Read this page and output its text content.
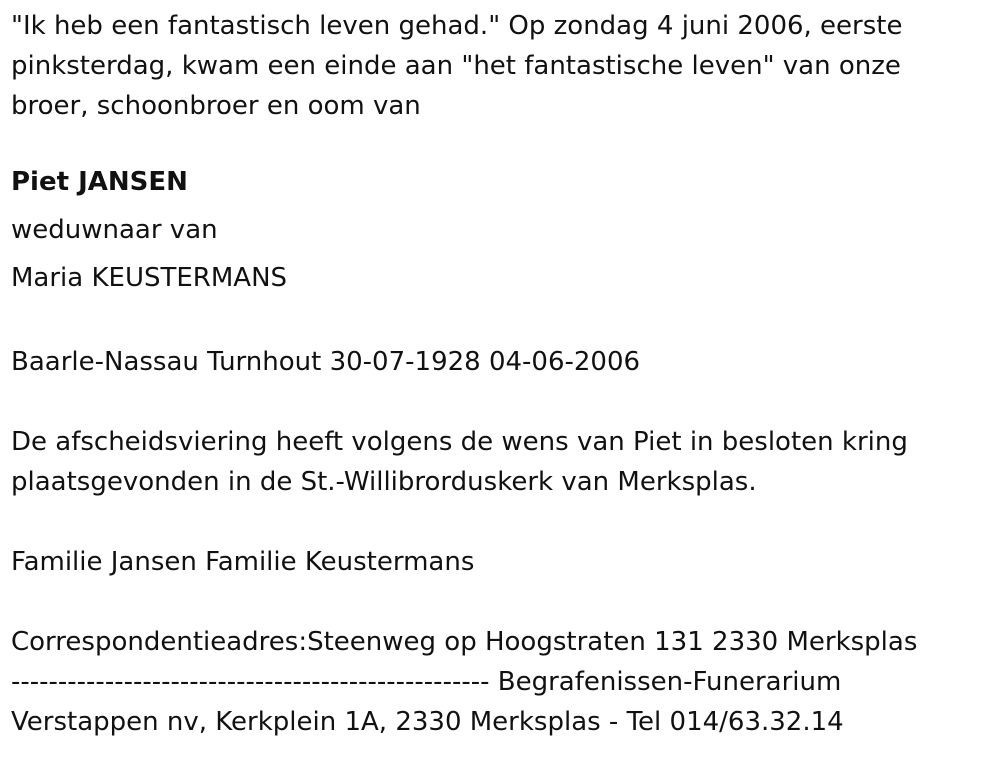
"Ik heb een fantastisch leven gehad." Op zondag 4 juni 2006, eerste
pinksterdag, kwam een einde aan "het fantastische leven" van onze
broer, schoonbroer en oom van

Piet JANSEN
weduwnaar van
Maria KEUSTERMANS

Baarle-Nassau Turnhout 30-07-1928 04-06-2006

De afscheidsviering heeft volgens de wens van Piet in besloten kring
plaatsgevonden in de St.-Willibrorduskerk van Merksplas.

Familie Jansen Familie Keustermans

Correspondentieadres:Steenweg op Hoogstraten 131 2330 Merksplas
--------------------------------------------------- Begrafenissen-Funerarium
Verstappen nv, Kerkplein 1A, 2330 Merksplas - Tel 014/63.32.14
